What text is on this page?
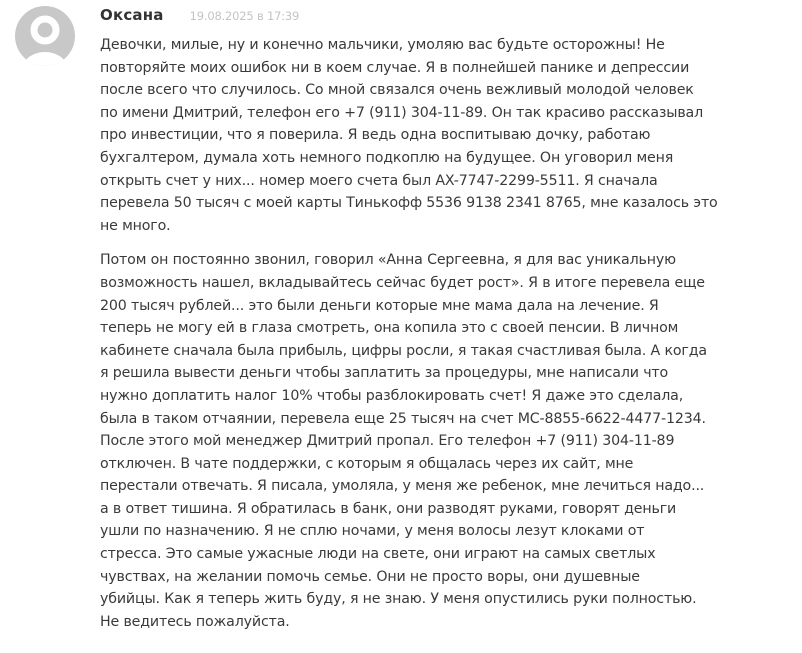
Оксана 19.08.2025 в 17:39

Девочки, милые, ну и конечно мальчики, умоляю вас будьте осторожны! Не
повторяйте моих ошибок ни в коем случае. Я в полнейшей панике и депрессии
после всего что случилось. Со мной связался очень вежливый молодой человек
по имени Дмитрий, телефон его +7 (911) 304-11-89. Он так красиво рассказывал
про инвестиции, что я поверила. Я ведь одна воспитываю дочку, работаю
бухгалтером, думала хоть немного подкоплю на будущее. Он уговорил меня
открыть счет у них... номер моего счета был AX-7747-2299-5511. Я сначала
перевела 50 тысяч с моей карты Тинькофф 5536 9138 2341 8765, мне казалось это
не много.

Потом он постоянно звонил, говорил «Анна Сергеевна, я для вас уникальную
возможность нашел, вкладывайтесь сейчас будет рост». Я в итоге перевела еще
200 тысяч рублей... это были деньги которые мне мама дала на лечение. Я
теперь не могу ей в глаза смотреть, она копила это с своей пенсии. В личном
кабинете сначала была прибыль, цифры росли, я такая счастливая была. А когда
я решила вывести деньги чтобы заплатить за процедуры, мне написали что
нужно доплатить налог 10% чтобы разблокировать счет! Я даже это сделала,
была в таком отчаянии, перевела еще 25 тысяч на счет MC-8855-6622-4477-1234.
После этого мой менеджер Дмитрий пропал. Его телефон +7 (911) 304-11-89
отключен. В чате поддержки, с которым я общалась через их сайт, мне
перестали отвечать. Я писала, умоляла, у меня же ребенок, мне лечиться надо...
а в ответ тишина. Я обратилась в банк, они разводят руками, говорят деньги
ушли по назначению. Я не сплю ночами, у меня волосы лезут клоками от
стресса. Это самые ужасные люди на свете, они играют на самых светлых
чувствах, на желании помочь семье. Они не просто воры, они душевные
убийцы. Как я теперь жить буду, я не знаю. У меня опустились руки полностью.
Не ведитесь пожалуйста.
